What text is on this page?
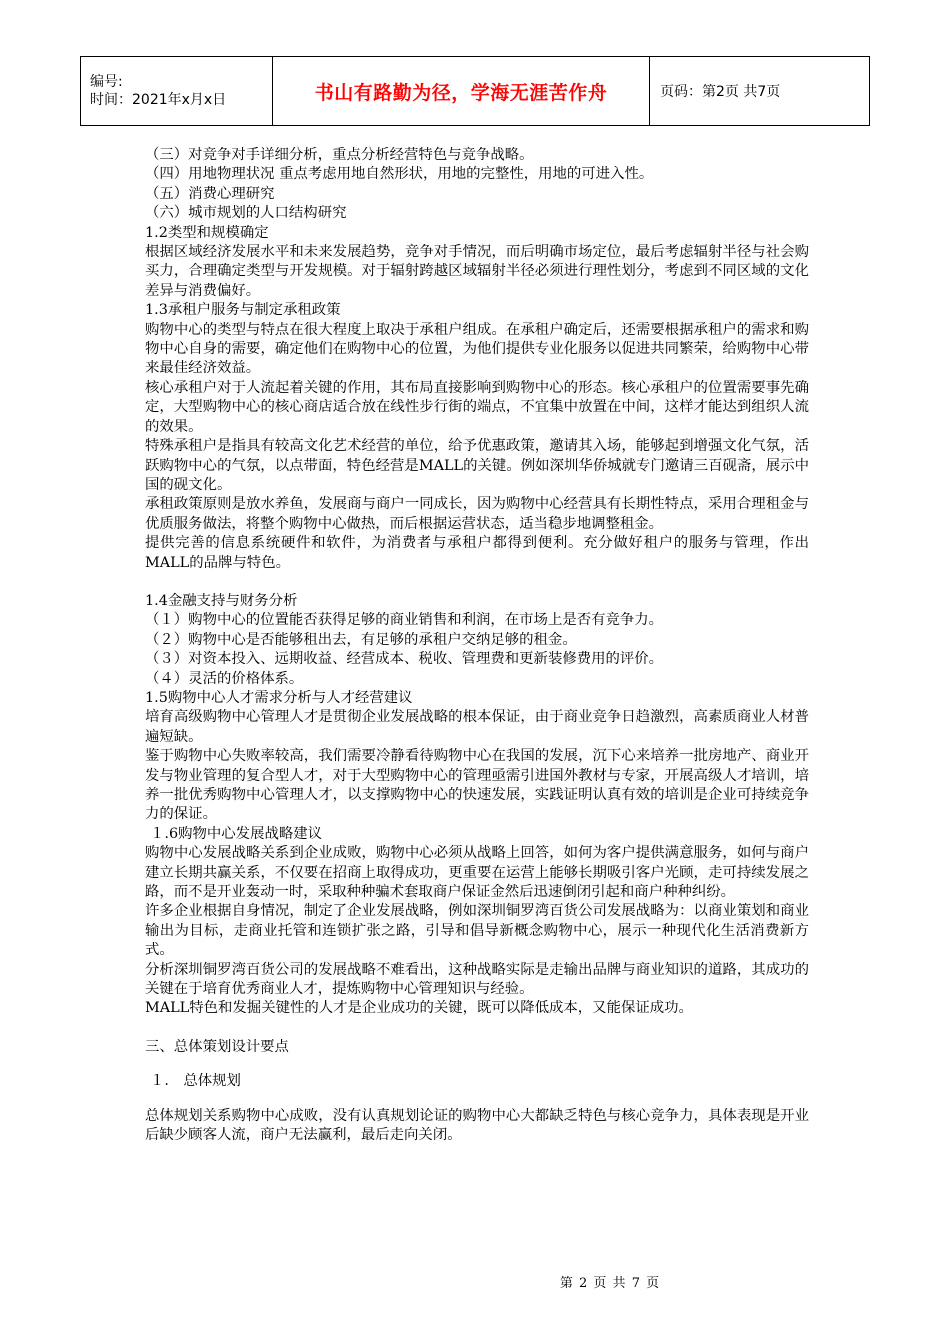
编号:
时间：2021年x月x日	书山有路勤为径，学海无涯苦作舟	页码：第2页 共7页

（三）对竞争对手详细分析，重点分析经营特色与竞争战略。

（四）用地物理状况 重点考虑用地自然形状，用地的完整性，用地的可进入性。

（五）消费心理研究

（六）城市规划的人口结构研究

1.2类型和规模确定

根据区域经济发展水平和未来发展趋势，竞争对手情况，而后明确市场定位，最后考虑辐射半径与社会购买力，合理确定类型与开发规模。对于辐射跨越区域辐射半径必须进行理性划分，考虑到不同区域的文化差异与消费偏好。

1.3承租户服务与制定承租政策

购物中心的类型与特点在很大程度上取决于承租户组成。在承租户确定后，还需要根据承租户的需求和购物中心自身的需要，确定他们在购物中心的位置，为他们提供专业化服务以促进共同繁荣，给购物中心带来最佳经济效益。

核心承租户对于人流起着关键的作用，其布局直接影响到购物中心的形态。核心承租户的位置需要事先确定，大型购物中心的核心商店适合放在线性步行街的端点，不宜集中放置在中间，这样才能达到组织人流的效果。

特殊承租户是指具有较高文化艺术经营的单位，给予优惠政策，邀请其入场，能够起到增强文化气氛，活跃购物中心的气氛，以点带面，特色经营是MALL的关键。例如深圳华侨城就专门邀请三百砚斋，展示中国的砚文化。

承租政策原则是放水养鱼，发展商与商户一同成长，因为购物中心经营具有长期性特点，采用合理租金与优质服务做法，将整个购物中心做热，而后根据运营状态，适当稳步地调整租金。

提供完善的信息系统硬件和软件，为消费者与承租户都得到便利。充分做好租户的服务与管理，作出MALL的品牌与特色。

1.4金融支持与财务分析

（１）购物中心的位置能否获得足够的商业销售和利润，在市场上是否有竞争力。

（２）购物中心是否能够租出去，有足够的承租户交纳足够的租金。

（３）对资本投入、远期收益、经营成本、税收、管理费和更新装修费用的评价。

（４）灵活的价格体系。

1.5购物中心人才需求分析与人才经营建议

培育高级购物中心管理人才是贯彻企业发展战略的根本保证，由于商业竞争日趋激烈，高素质商业人材普遍短缺。

鉴于购物中心失败率较高，我们需要冷静看待购物中心在我国的发展，沉下心来培养一批房地产、商业开发与物业管理的复合型人才，对于大型购物中心的管理亟需引进国外教材与专家，开展高级人才培训，培养一批优秀购物中心管理人才，以支撑购物中心的快速发展，实践证明认真有效的培训是企业可持续竞争力的保证。

１.6购物中心发展战略建议

购物中心发展战略关系到企业成败，购物中心必须从战略上回答，如何为客户提供满意服务，如何与商户建立长期共赢关系，不仅要在招商上取得成功，更重要在运营上能够长期吸引客户光顾，走可持续发展之路，而不是开业轰动一时，采取种种骗术套取商户保证金然后迅速倒闭引起和商户种种纠纷。

许多企业根据自身情况，制定了企业发展战略，例如深圳铜罗湾百货公司发展战略为：以商业策划和商业输出为目标，走商业托管和连锁扩张之路，引导和倡导新概念购物中心，展示一种现代化生活消费新方式。

分析深圳铜罗湾百货公司的发展战略不难看出，这种战略实际是走输出品牌与商业知识的道路，其成功的关键在于培育优秀商业人才，提炼购物中心管理知识与经验。

MALL特色和发掘关键性的人才是企业成功的关键，既可以降低成本，又能保证成功。

三、总体策划设计要点

１． 总体规划

总体规划关系购物中心成败，没有认真规划论证的购物中心大都缺乏特色与核心竞争力，具体表现是开业后缺少顾客人流，商户无法赢利，最后走向关闭。

第 2 页 共 7 页
